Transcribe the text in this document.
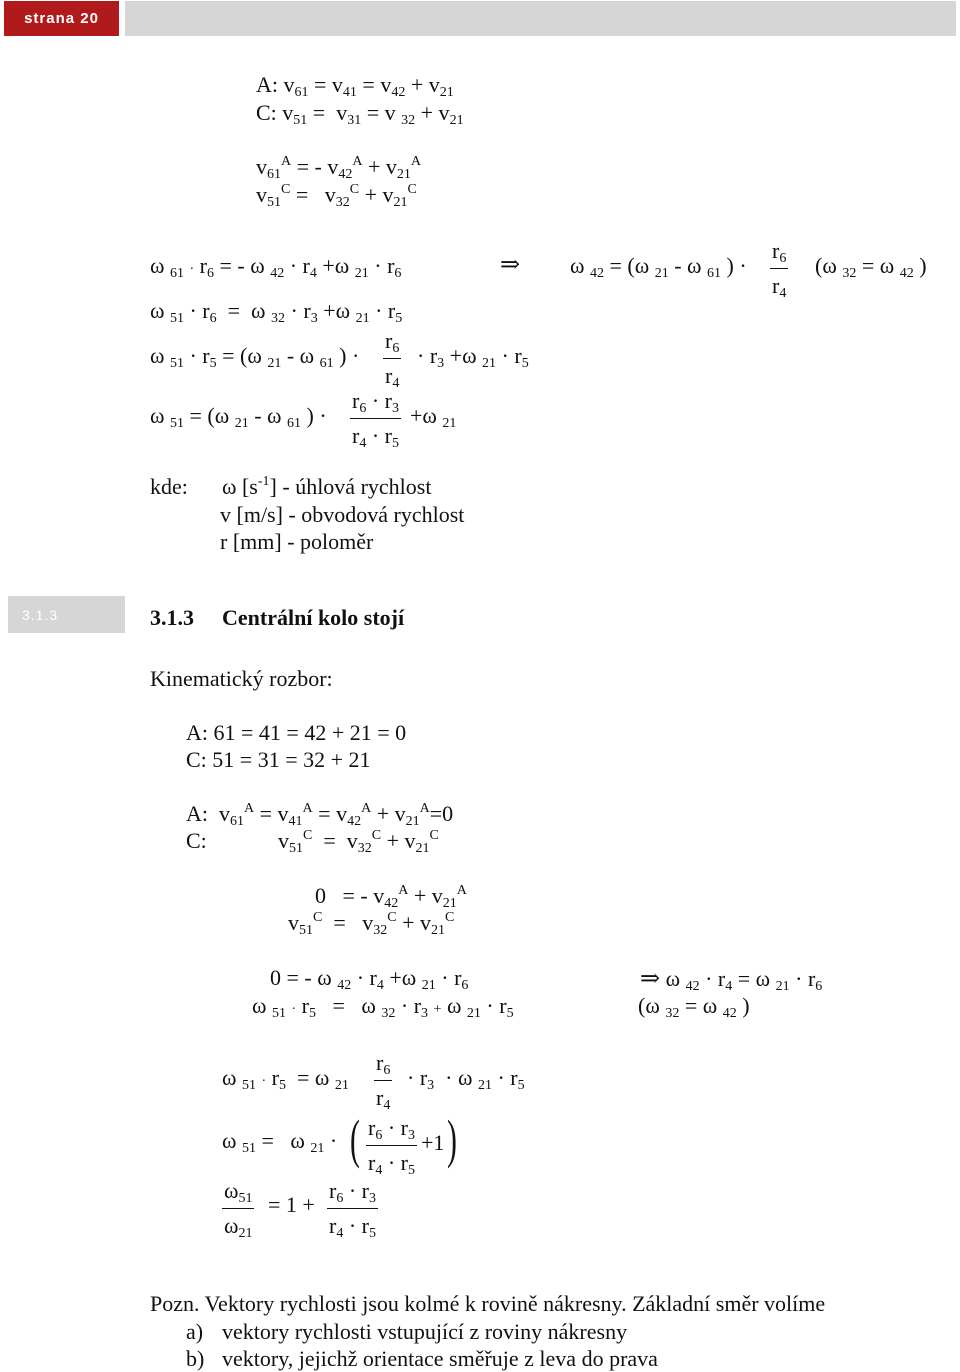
strana 20
A: $v_{61} = v_{41} = v_{42} + v_{21}$
C: $v_{51} = v_{31} = v$ $_{32} + v_{21}$
$v_{61}^A$ = - $v_{42}^A + v_{21}^A$
$v_{51}^C = v_{32}^C + v_{21}^C$
ω $_{61} \cdot r_6$ = - ω $_{42} \cdot r_4 +\omega$ $_{21} \cdot r_6$	⇒ ω $_{42}$ = (ω $_{21}$ - ω $_{61}$ ) ·
$r_6$
$r_4$
(ω $_{32}$ = ω $_{42}$ )
ω $_{51} \cdot r_6 = \omega$ $_{32} \cdot r_3 +\omega$ $_{21} \cdot r_5$
ω $_{51} \cdot r_5 = (\omega$ $_{21}$ - ω $_{61}$ ) ·
$r_6$
$r_4$
· $r_3 +\omega$ $_{21} \cdot r_5$
ω $_{51}$ = (ω $_{21}$ - ω $_{61}$ ) ·
$r_6 \cdot r_3$
$r_4 \cdot r_5$
+ω $_{21}$
kde: ω $[s^{-1}]$ - úhlová rychlost
v [m/s] - obvodová rychlost
r [mm] - poloměr
3.1.3	3.1.3 Centrální kolo stojí
Kinematický rozbor:
A: 61 = 41 = 42 + 21 = 0
C: 51 = 31 = 32 + 21
A:  $v_{61}^A = v_{41}^A = v_{42}^A + v_{21}^A=0$
C:	$v_{51}^C = v_{32}^C + v_{21}^C$
0   = - $v_{42}^A + v_{21}^A$
$v_{51}^C = v_{32}^C + v_{21}^C$
0 = - ω $_{42} \cdot r_4 +\omega$ $_{21} \cdot r_6$	⇒ ω $_{42} \cdot r_4 = \omega$ $_{21} \cdot r_6$
ω $_{51} \cdot r_5 = \omega$ $_{32} \cdot r_3 + \omega$ $_{21} \cdot r_5$	(ω $_{32}$ = ω $_{42}$ )
ω $_{51} \cdot r_5 = \omega$ $_{21}$
$r_6$
$r_4$
· $r_3 \cdot \omega$ $_{21} \cdot r_5$
ω $_{51}$ =   ω $_{21}$ · ( $r_6 \cdot r_3$
$r_4 \cdot r_5$
+1 )
$\omega_{51}$
$\omega_{21}$
= 1 +
$r_6 \cdot r_3$
$r_4 \cdot r_5$
Pozn. Vektory rychlosti jsou kolmé k rovině nákresny. Základní směr volíme
a) vektory rychlosti vstupující z roviny nákresny
b) vektory, jejichž orientace směřuje z leva do prava
